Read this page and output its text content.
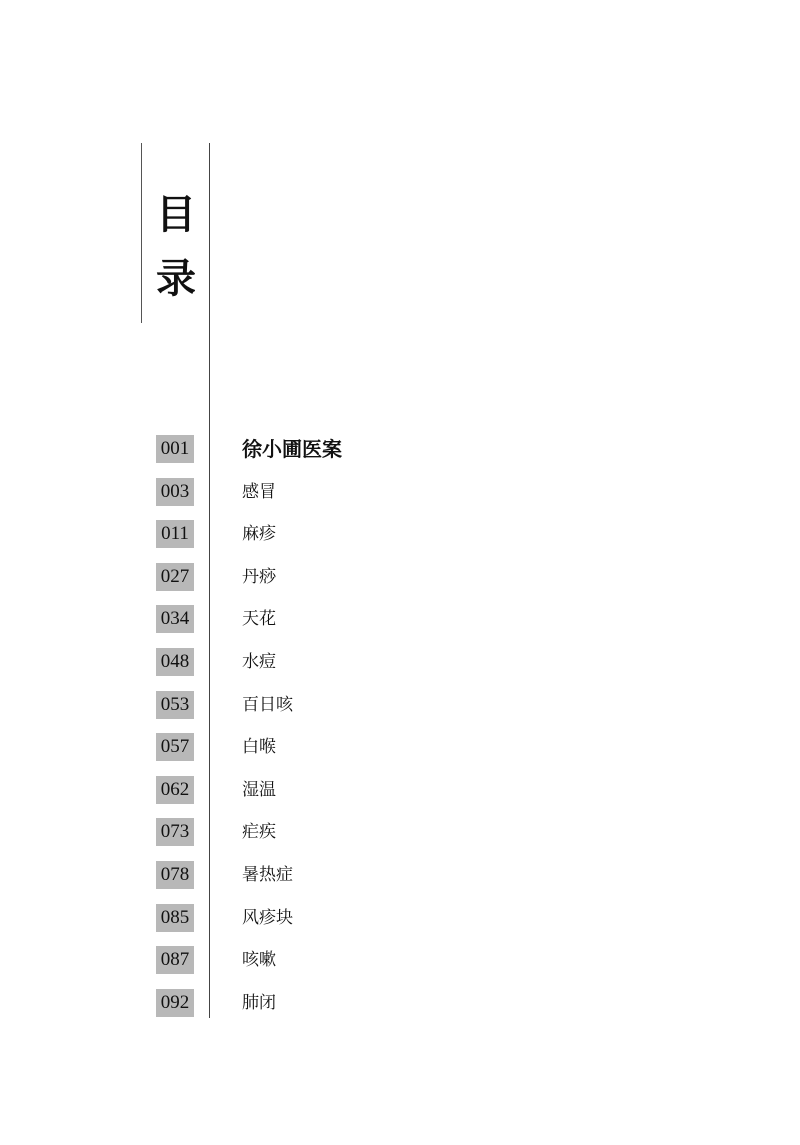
目
录
001	徐小圃医案
003	感冒
011	麻疹
027	丹痧
034	天花
048	水痘
053	百日咳
057	白喉
062	湿温
073	疟疾
078	暑热症
085	风疹块
087	咳嗽
092	肺闭
